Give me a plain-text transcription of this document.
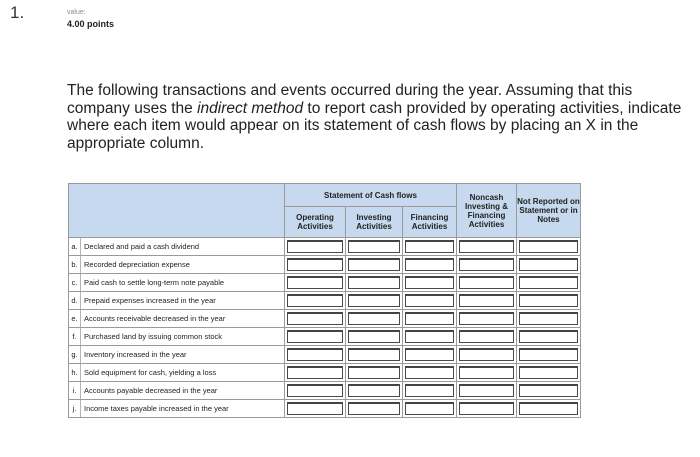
1.	value:
4.00 points
The following transactions and events occurred during the year. Assuming that this company uses the indirect method to report cash provided by operating activities, indicate where each item would appear on its statement of cash flows by placing an X in the appropriate column.
	Statement of Cash flows			Noncash Investing & Financing Activities	Not Reported on Statement or in Notes
	Operating Activities	Investing Activities	Financing Activities		
a. Declared and paid a cash dividend	

b. Recorded depreciation expense	

c. Paid cash to settle long-term note payable	

d. Prepaid expenses increased in the year	

e. Accounts receivable decreased in the year	

f. Purchased land by issuing common stock	

g. Inventory increased in the year	

h. Sold equipment for cash, yielding a loss	

i. Accounts payable decreased in the year	

j. Income taxes payable increased in the year	
